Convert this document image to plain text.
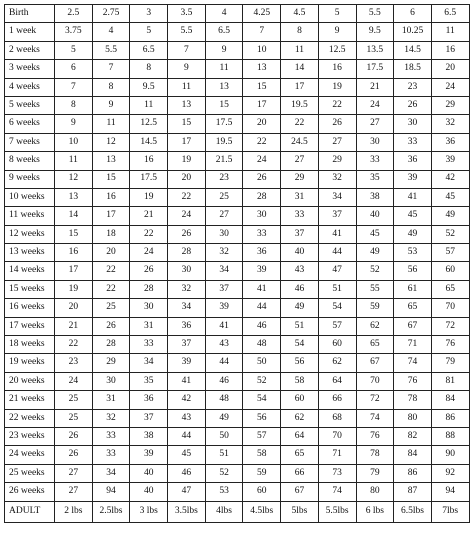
Birth	2.5	2.75	3	3.5	4	4.25	4.5	5	5.5	6	6.5
1 week	3.75	4	5	5.5	6.5	7	8	9	9.5	10.25	11
2 weeks	5	5.5	6.5	7	9	10	11	12.5	13.5	14.5	16
3 weeks	6	7	8	9	11	13	14	16	17.5	18.5	20
4 weeks	7	8	9.5	11	13	15	17	19	21	23	24
5 weeks	8	9	11	13	15	17	19.5	22	24	26	29
6 weeks	9	11	12.5	15	17.5	20	22	26	27	30	32
7 weeks	10	12	14.5	17	19.5	22	24.5	27	30	33	36
8 weeks	11	13	16	19	21.5	24	27	29	33	36	39
9 weeks	12	15	17.5	20	23	26	29	32	35	39	42
10 weeks	13	16	19	22	25	28	31	34	38	41	45
11 weeks	14	17	21	24	27	30	33	37	40	45	49
12 weeks	15	18	22	26	30	33	37	41	45	49	52
13 weeks	16	20	24	28	32	36	40	44	49	53	57
14 weeks	17	22	26	30	34	39	43	47	52	56	60
15 weeks	19	22	28	32	37	41	46	51	55	61	65
16 weeks	20	25	30	34	39	44	49	54	59	65	70
17 weeks	21	26	31	36	41	46	51	57	62	67	72
18 weeks	22	28	33	37	43	48	54	60	65	71	76
19 weeks	23	29	34	39	44	50	56	62	67	74	79
20 weeks	24	30	35	41	46	52	58	64	70	76	81
21 weeks	25	31	36	42	48	54	60	66	72	78	84
22 weeks	25	32	37	43	49	56	62	68	74	80	86
23 weeks	26	33	38	44	50	57	64	70	76	82	88
24 weeks	26	33	39	45	51	58	65	71	78	84	90
25 weeks	27	34	40	46	52	59	66	73	79	86	92
26 weeks	27	94	40	47	53	60	67	74	80	87	94
ADULT	2 lbs	2.5lbs	3 lbs	3.5lbs	4lbs	4.5lbs	5lbs	5.5lbs	6 lbs	6.5lbs	7lbs
